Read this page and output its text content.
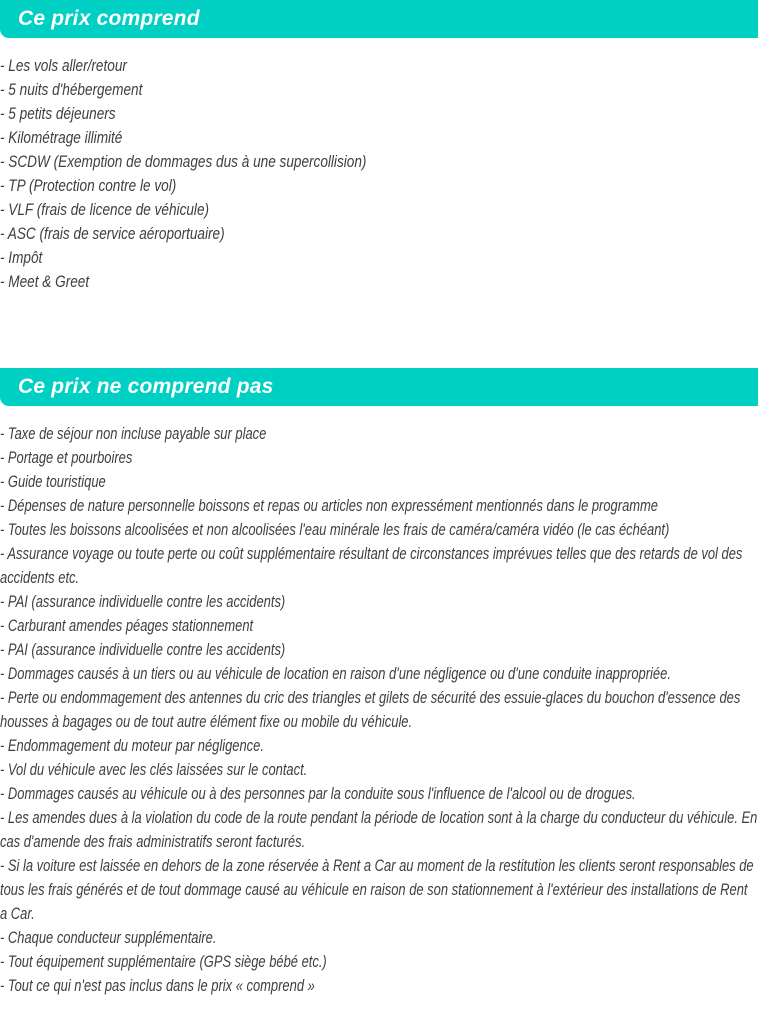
Ce prix comprend
- Les vols aller/retour
- 5 nuits d'hébergement
- 5 petits déjeuners
- Kilométrage illimité
- SCDW (Exemption de dommages dus à une supercollision)
- TP (Protection contre le vol)
- VLF (frais de licence de véhicule)
- ASC (frais de service aéroportuaire)
- Impôt
- Meet & Greet
Ce prix ne comprend pas
- Taxe de séjour non incluse payable sur place
- Portage et pourboires
- Guide touristique
- Dépenses de nature personnelle boissons et repas ou articles non expressément mentionnés dans le programme
- Toutes les boissons alcoolisées et non alcoolisées l'eau minérale les frais de caméra/caméra vidéo (le cas échéant)
- Assurance voyage ou toute perte ou coût supplémentaire résultant de circonstances imprévues telles que des retards de vol des accidents etc.
- PAI (assurance individuelle contre les accidents)
- Carburant amendes péages stationnement
- PAI (assurance individuelle contre les accidents)
- Dommages causés à un tiers ou au véhicule de location en raison d'une négligence ou d'une conduite inappropriée.
- Perte ou endommagement des antennes du cric des triangles et gilets de sécurité des essuie-glaces du bouchon d'essence des housses à bagages ou de tout autre élément fixe ou mobile du véhicule.
- Endommagement du moteur par négligence.
- Vol du véhicule avec les clés laissées sur le contact.
- Dommages causés au véhicule ou à des personnes par la conduite sous l'influence de l'alcool ou de drogues.
- Les amendes dues à la violation du code de la route pendant la période de location sont à la charge du conducteur du véhicule. En cas d'amende des frais administratifs seront facturés.
- Si la voiture est laissée en dehors de la zone réservée à Rent a Car au moment de la restitution les clients seront responsables de tous les frais générés et de tout dommage causé au véhicule en raison de son stationnement à l'extérieur des installations de Rent a Car.
- Chaque conducteur supplémentaire.
- Tout équipement supplémentaire (GPS siège bébé etc.)
- Tout ce qui n'est pas inclus dans le prix « comprend »
